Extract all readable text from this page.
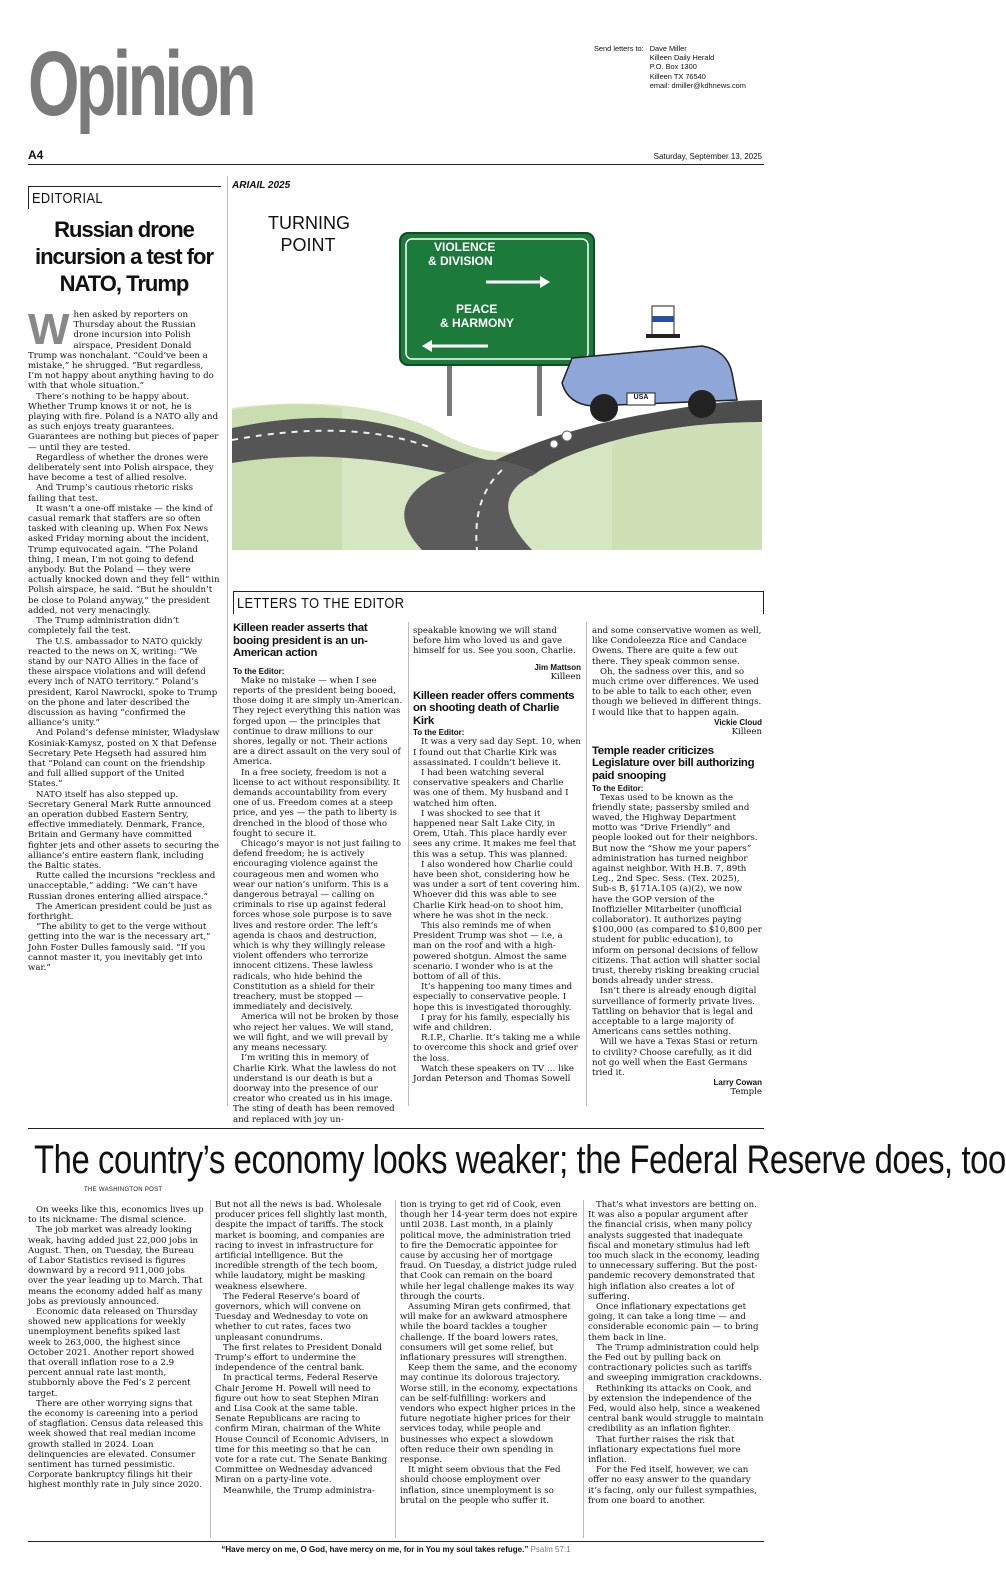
Opinion
A4
Send letters to: Dave Miller
Killeen Daily Herald
P.O. Box 1300
Killeen TX 76540
email: dmiller@kdhnews.com
Saturday, September 13, 2025
EDITORIAL
Russian drone incursion a test for NATO, Trump
W hen asked by reporters on Thursday about the Russian drone incursion into Polish airspace, President Donald Trump was nonchalant. “Could’ve been a mistake,” he shrugged. “But regardless, I’m not happy about anything having to do with that whole situation.”

There’s nothing to be happy about. Whether Trump knows it or not, he is playing with fire. Poland is a NATO ally and as such enjoys treaty guarantees. Guarantees are nothing but pieces of paper — until they are tested.

Regardless of whether the drones were deliberately sent into Polish airspace, they have become a test of allied resolve.

And Trump’s cautious rhetoric risks failing that test.

It wasn’t a one-off mistake — the kind of casual remark that staffers are so often tasked with cleaning up. When Fox News asked Friday morning about the incident, Trump equivocated again. “The Poland thing, I mean, I’m not going to defend anybody. But the Poland — they were actually knocked down and they fell” within Polish airspace, he said. “But he shouldn’t be close to Poland anyway,” the president added, not very menacingly.

The Trump administration didn’t completely fail the test.

The U.S. ambassador to NATO quickly reacted to the news on X, writing: “We stand by our NATO Allies in the face of these airspace violations and will defend every inch of NATO territory.” Poland’s president, Karol Nawrocki, spoke to Trump on the phone and later described the discussion as having “confirmed the alliance’s unity.”

And Poland’s defense minister, Władysław Kosiniak-Kamysz, posted on X that Defense Secretary Pete Hegseth had assured him that “Poland can count on the friendship and full allied support of the United States.”

NATO itself has also stepped up. Secretary General Mark Rutte announced an operation dubbed Eastern Sentry, effective immediately. Denmark, France, Britain and Germany have committed fighter jets and other assets to securing the alliance’s entire eastern flank, including the Baltic states.

Rutte called the incursions “reckless and unacceptable,” adding: “We can’t have Russian drones entering allied airspace.”

The American president could be just as forthright.

“The ability to get to the verge without getting into the war is the necessary art,” John Foster Dulles famously said. “If you cannot master it, you inevitably get into war.”

ARIAIL 2025
TURNING POINT	VIOLENCE
& DIVISION
PEACE
& HARMONY
USA
LETTERS TO THE EDITOR
Killeen reader asserts that booing president is an un-American action
To the Editor:

Make no mistake — when I see reports of the president being booed, those doing it are simply un-American. They reject everything this nation was forged upon — the principles that continue to draw millions to our shores, legally or not. Their actions are a direct assault on the very soul of America.

In a free society, freedom is not a license to act without responsibility. It demands accountability from every one of us. Freedom comes at a steep price, and yes — the path to liberty is drenched in the blood of those who fought to secure it.

Chicago’s mayor is not just failing to defend freedom; he is actively encouraging violence against the courageous men and women who wear our nation’s uniform. This is a dangerous betrayal — calling on criminals to rise up against federal forces whose sole purpose is to save lives and restore order. The left’s agenda is chaos and destruction, which is why they willingly release violent offenders who terrorize innocent citizens. These lawless radicals, who hide behind the Constitution as a shield for their treachery, must be stopped — immediately and decisively.

America will not be broken by those who reject her values. We will stand, we will fight, and we will prevail by any means necessary.

I’m writing this in memory of Charlie Kirk. What the lawless do not understand is our death is but a doorway into the presence of our creator who created us in his image. The sting of death has been removed and replaced with joy un-

speakable knowing we will stand before him who loved us and gave himself for us. See you soon, Charlie.

Jim Mattson
Killeen
Killeen reader offers comments on shooting death of Charlie Kirk
To the Editor:

It was a very sad day Sept. 10, when I found out that Charlie Kirk was assassinated. I couldn’t believe it.

I had been watching several conservative speakers and Charlie was one of them. My husband and I watched him often.

I was shocked to see that it happened near Salt Lake City, in Orem, Utah. This place hardly ever sees any crime. It makes me feel that this was a setup. This was planned.

I also wondered how Charlie could have been shot, considering how he was under a sort of tent covering him. Whoever did this was able to see Charlie Kirk head-on to shoot him, where he was shot in the neck.

This also reminds me of when President Trump was shot — i.e, a man on the roof and with a high-powered shotgun. Almost the same scenario. I wonder who is at the bottom of all of this.

It’s happening too many times and especially to conservative people. I hope this is investigated thoroughly.

I pray for his family, especially his wife and children.

R.I.P., Charlie. It’s taking me a while to overcome this shock and grief over the loss.

Watch these speakers on TV … like Jordan Peterson and Thomas Sowell

and some conservative women as well, like Condoleezza Rice and Candace Owens. There are quite a few out there. They speak common sense.

Oh, the sadness over this, and so much crime over differences. We used to be able to talk to each other, even though we believed in different things. I would like that to happen again.

Vickie Cloud
Killeen
Temple reader criticizes Legislature over bill authorizing paid snooping
To the Editor:

Texas used to be known as the friendly state; passersby smiled and waved, the Highway Department motto was “Drive Friendly” and people looked out for their neighbors. But now the “Show me your papers” administration has turned neighbor against neighbor. With H.B. 7, 89th Leg., 2nd Spec. Sess. (Tex. 2025), Sub-s B, §171A.105 (a)(2), we now have the GOP version of the Inoffizieller Mitarbeiter (unofficial collaborator). It authorizes paying $100,000 (as compared to $10,800 per student for public education), to inform on personal decisions of fellow citizens. That action will shatter social trust, thereby risking breaking crucial bonds already under stress.

Isn’t there is already enough digital surveillance of formerly private lives. Tattling on behavior that is legal and acceptable to a large majority of Americans cans settles nothing.

Will we have a Texas Stasi or return to civility? Choose carefully, as it did not go well when the East Germans tried it.

Larry Cowan
Temple
The country’s economy looks weaker; the Federal Reserve does, too
THE WASHINGTON POST

On weeks like this, economics lives up to its nickname: The dismal science.

The job market was already looking weak, having added just 22,000 jobs in August. Then, on Tuesday, the Bureau of Labor Statistics revised is figures downward by a record 911,000 jobs over the year leading up to March. That means the economy added half as many jobs as previously announced.

Economic data released on Thursday showed new applications for weekly unemployment benefits spiked last week to 263,000, the highest since October 2021. Another report showed that overall inflation rose to a 2.9 percent annual rate last month, stubbornly above the Fed’s 2 percent target.

There are other worrying signs that the economy is careening into a period of stagflation. Census data released this week showed that real median income growth stalled in 2024. Loan delinquencies are elevated. Consumer sentiment has turned pessimistic. Corporate bankruptcy filings hit their highest monthly rate in July since 2020.

But not all the news is bad. Wholesale producer prices fell slightly last month, despite the impact of tariffs. The stock market is booming, and companies are racing to invest in infrastructure for artificial intelligence. But the incredible strength of the tech boom, while laudatory, might be masking weakness elsewhere.

The Federal Reserve’s board of governors, which will convene on Tuesday and Wednesday to vote on whether to cut rates, faces two unpleasant conundrums.

The first relates to President Donald Trump’s effort to undermine the independence of the central bank.

In practical terms, Federal Reserve Chair Jerome H. Powell will need to figure out how to seat Stephen Miran and Lisa Cook at the same table. Senate Republicans are racing to confirm Miran, chairman of the White House Council of Economic Advisers, in time for this meeting so that he can vote for a rate cut. The Senate Banking Committee on Wednesday advanced Miran on a party-line vote.

Meanwhile, the Trump administra-

tion is trying to get rid of Cook, even though her 14-year term does not expire until 2038. Last month, in a plainly political move, the administration tried to fire the Democratic appointee for cause by accusing her of mortgage fraud. On Tuesday, a district judge ruled that Cook can remain on the board while her legal challenge makes its way through the courts.

Assuming Miran gets confirmed, that will make for an awkward atmosphere while the board tackles a tougher challenge. If the board lowers rates, consumers will get some relief, but inflationary pressures will strengthen.

Keep them the same, and the economy may continue its dolorous trajectory. Worse still, in the economy, expectations can be self-fulfilling: workers and vendors who expect higher prices in the future negotiate higher prices for their services today, while people and businesses who expect a slowdown often reduce their own spending in response.

It might seem obvious that the Fed should choose employment over inflation, since unemployment is so brutal on the people who suffer it.

That’s what investors are betting on. It was also a popular argument after the financial crisis, when many policy analysts suggested that inadequate fiscal and monetary stimulus had left too much slack in the economy, leading to unnecessary suffering. But the post-pandemic recovery demonstrated that high inflation also creates a lot of suffering.

Once inflationary expectations get going, it can take a long time — and considerable economic pain — to bring them back in line.

The Trump administration could help the Fed out by pulling back on contractionary policies such as tariffs and sweeping immigration crackdowns.

Rethinking its attacks on Cook, and by extension the independence of the Fed, would also help, since a weakened central bank would struggle to maintain credibility as an inflation fighter.

That further raises the risk that inflationary expectations fuel more inflation.

For the Fed itself, however, we can offer no easy answer to the quandary it’s facing, only our fullest sympathies, from one board to another.

“Have mercy on me, O God, have mercy on me, for in You my soul takes refuge.” Psalm 57:1
